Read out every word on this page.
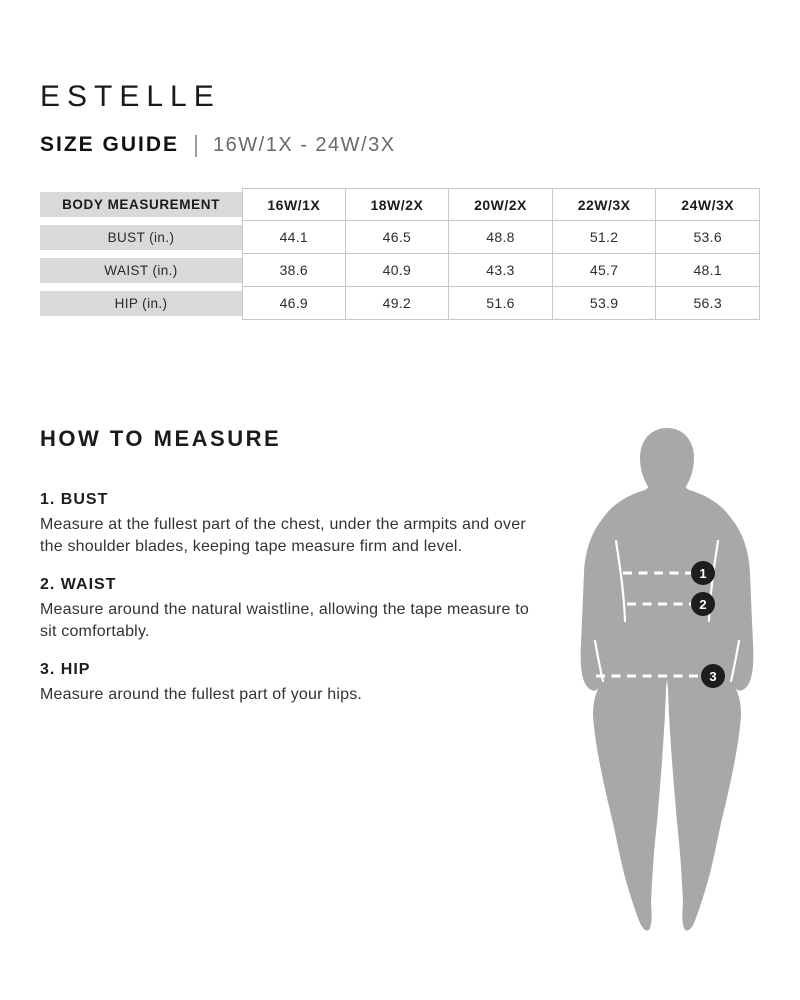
ESTELLE
SIZE GUIDE | 16W/1X - 24W/3X
BODY MEASUREMENT	16W/1X	18W/2X	20W/2X	22W/3X	24W/3X
BUST (in.)	44.1	46.5	48.8	51.2	53.6
WAIST (in.)	38.6	40.9	43.3	45.7	48.1
HIP (in.)	46.9	49.2	51.6	53.9	56.3
HOW TO MEASURE
1. BUST
Measure at the fullest part of the chest, under the armpits and over the shoulder blades, keeping tape measure firm and level.
2. WAIST
Measure around the natural waistline, allowing the tape measure to sit comfortably.
3. HIP
Measure around the fullest part of your hips.
1
2
3
